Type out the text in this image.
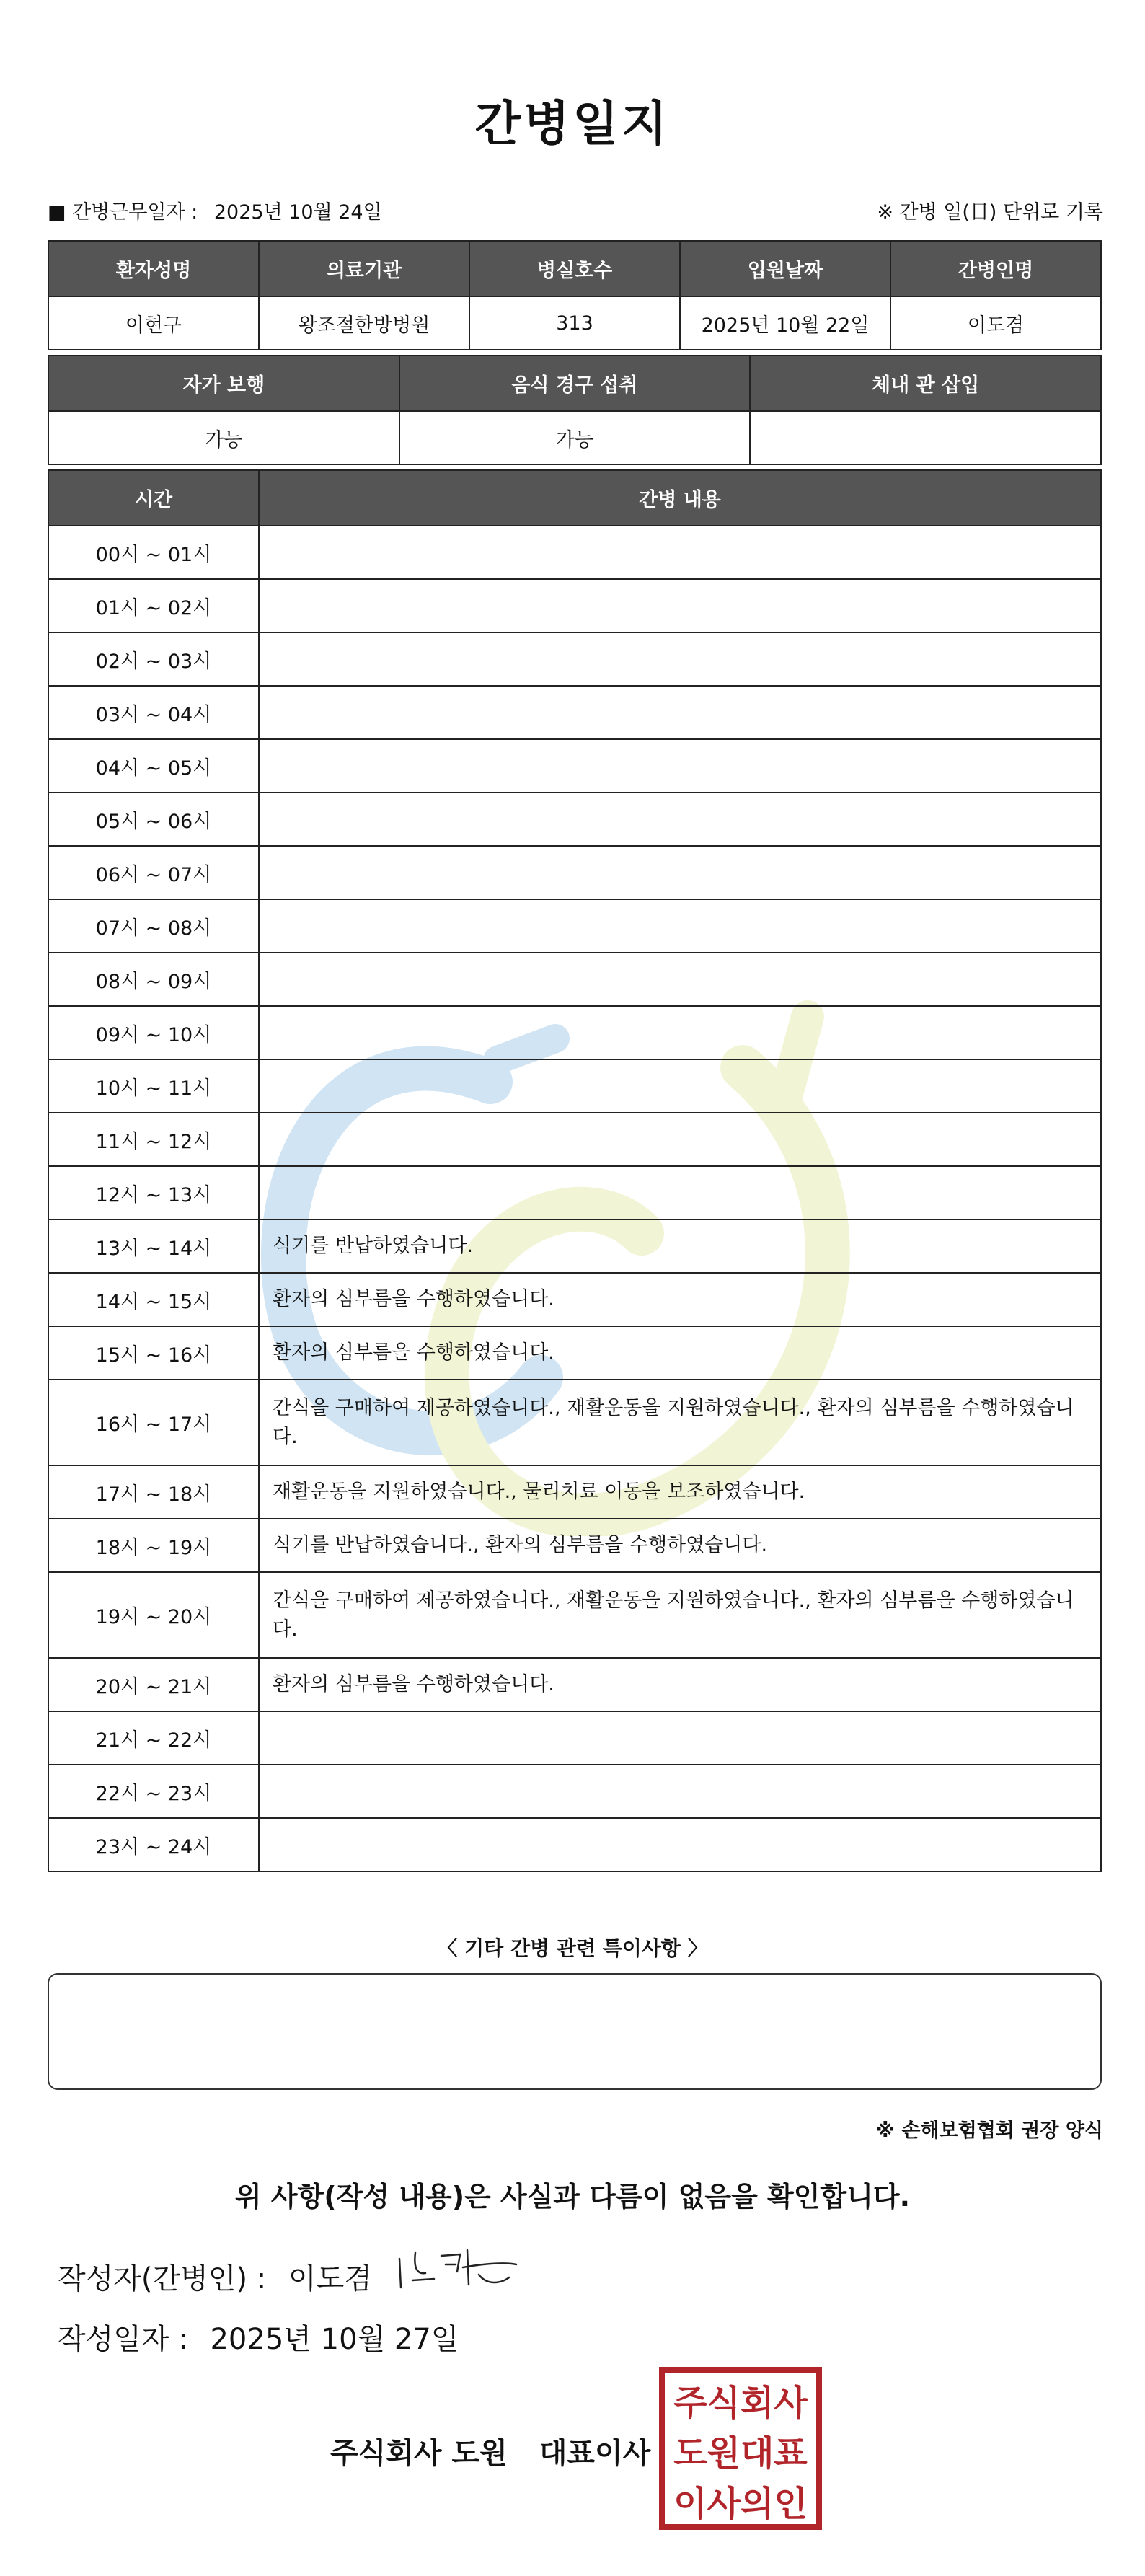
간병일지
■ 간병근무일자 : 2025년 10월 24일	※ 간병 일(日) 단위로 기록
환자성명	의료기관	병실호수	입원날짜	간병인명
이현구	왕조절한방병원	313	2025년 10월 22일	이도겸
자가 보행	음식 경구 섭취	체내 관 삽입
가능	가능	
시간	간병 내용
00시 ~ 01시	
01시 ~ 02시	
02시 ~ 03시	
03시 ~ 04시	
04시 ~ 05시	
05시 ~ 06시	
06시 ~ 07시	
07시 ~ 08시	
08시 ~ 09시	
09시 ~ 10시	
10시 ~ 11시	
11시 ~ 12시	
12시 ~ 13시	
13시 ~ 14시	식기를 반납하였습니다.
14시 ~ 15시	환자의 심부름을 수행하였습니다.
15시 ~ 16시	환자의 심부름을 수행하였습니다.
16시 ~ 17시	간식을 구매하여 제공하였습니다., 재활운동을 지원하였습니다., 환자의 심부름을 수행하였습니다.
17시 ~ 18시	재활운동을 지원하였습니다., 물리치료 이동을 보조하였습니다.
18시 ~ 19시	식기를 반납하였습니다., 환자의 심부름을 수행하였습니다.
19시 ~ 20시	간식을 구매하여 제공하였습니다., 재활운동을 지원하였습니다., 환자의 심부름을 수행하였습니다.
20시 ~ 21시	환자의 심부름을 수행하였습니다.
21시 ~ 22시	
22시 ~ 23시	
23시 ~ 24시	
〈 기타 간병 관련 특이사항 〉
※ 손해보험협회 권장 양식
위 사항(작성 내용)은 사실과 다름이 없음을 확인합니다.
작성자(간병인) : 이도겸
작성일자 : 2025년 10월 27일
주식회사 도원 대표이사
주식회사
도원대표
이사의인
